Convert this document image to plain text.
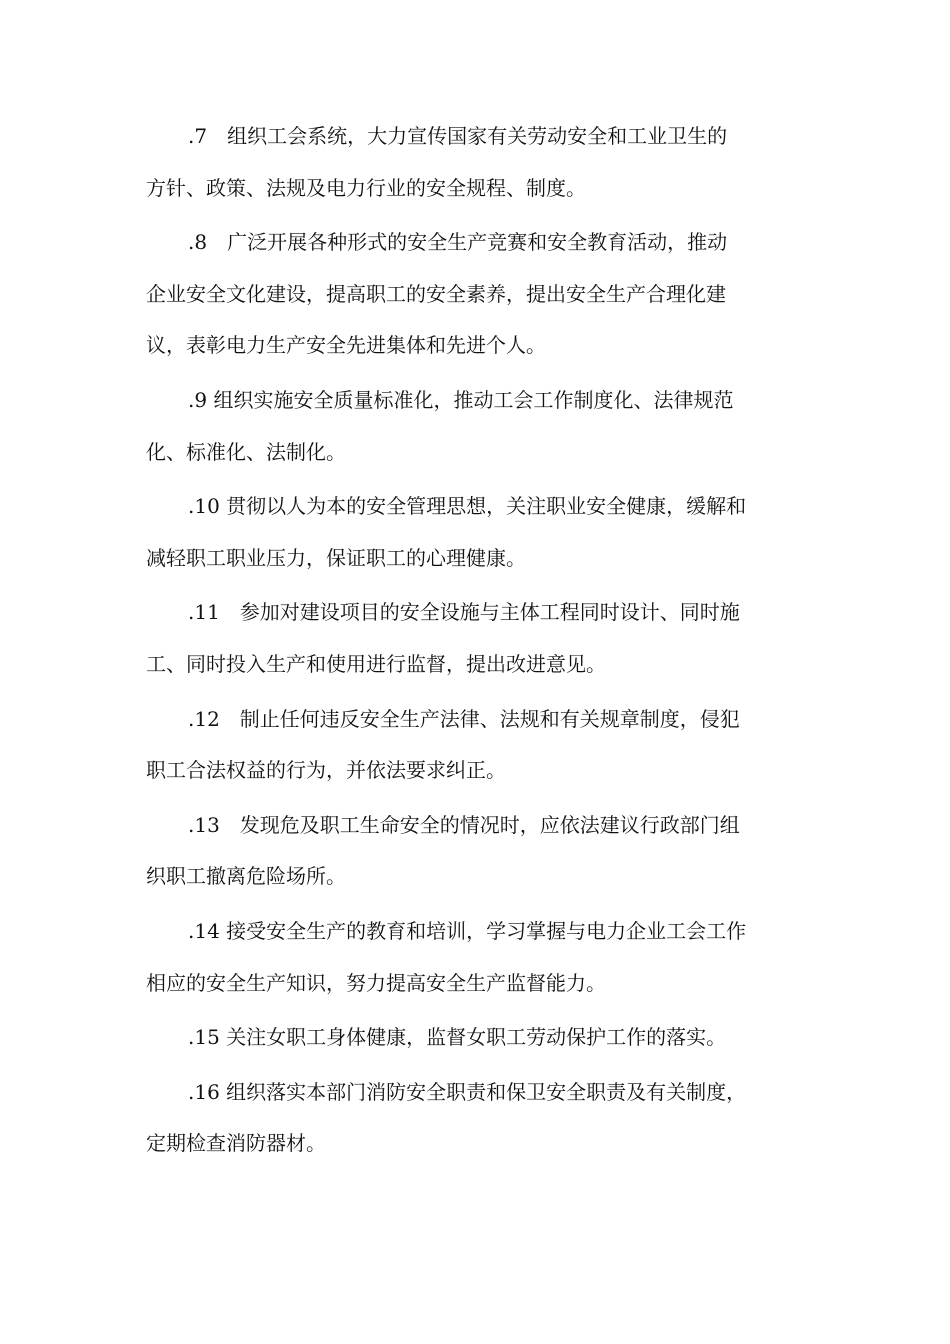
.7　组织工会系统，大力宣传国家有关劳动安全和工业卫生的
方针、政策、法规及电力行业的安全规程、制度。

.8　广泛开展各种形式的安全生产竞赛和安全教育活动，推动
企业安全文化建设，提高职工的安全素养，提出安全生产合理化建
议，表彰电力生产安全先进集体和先进个人。

.9 组织实施安全质量标准化，推动工会工作制度化、法律规范
化、标准化、法制化。

.10 贯彻以人为本的安全管理思想，关注职业安全健康，缓解和
减轻职工职业压力，保证职工的心理健康。

.11　参加对建设项目的安全设施与主体工程同时设计、同时施
工、同时投入生产和使用进行监督，提出改进意见。

.12　制止任何违反安全生产法律、法规和有关规章制度，侵犯
职工合法权益的行为，并依法要求纠正。

.13　发现危及职工生命安全的情况时，应依法建议行政部门组
织职工撤离危险场所。

.14 接受安全生产的教育和培训，学习掌握与电力企业工会工作
相应的安全生产知识，努力提高安全生产监督能力。

.15 关注女职工身体健康，监督女职工劳动保护工作的落实。

.16 组织落实本部门消防安全职责和保卫安全职责及有关制度，
定期检查消防器材。
